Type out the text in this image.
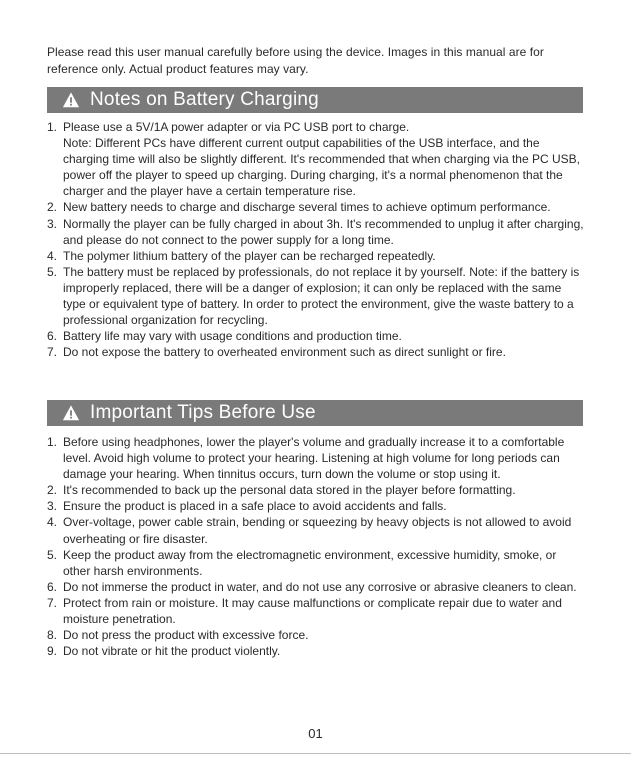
Please read this user manual carefully before using the device. Images in this manual are for reference only. Actual product features may vary.
Notes on Battery Charging
1. Please use a 5V/1A power adapter or via PC USB port to charge.
Note: Different PCs have different current output capabilities of the USB interface, and the charging time will also be slightly different. It's recommended that when charging via the PC USB, power off the player to speed up charging. During charging, it's a normal phenomenon that the charger and the player have a certain temperature rise.
2. New battery needs to charge and discharge several times to achieve optimum performance.
3. Normally the player can be fully charged in about 3h. It's recommended to unplug it after charging, and please do not connect to the power supply for a long time.
4. The polymer lithium battery of the player can be recharged repeatedly.
5. The battery must be replaced by professionals, do not replace it by yourself. Note: if the battery is improperly replaced, there will be a danger of explosion; it can only be replaced with the same type or equivalent type of battery. In order to protect the environment, give the waste battery to a professional organization for recycling.
6. Battery life may vary with usage conditions and production time.
7. Do not expose the battery to overheated environment such as direct sunlight or fire.
Important Tips Before Use
1. Before using headphones, lower the player's volume and gradually increase it to a comfortable level. Avoid high volume to protect your hearing. Listening at high volume for long periods can damage your hearing. When tinnitus occurs, turn down the volume or stop using it.
2. It's recommended to back up the personal data stored in the player before formatting.
3. Ensure the product is placed in a safe place to avoid accidents and falls.
4. Over-voltage, power cable strain, bending or squeezing by heavy objects is not allowed to avoid overheating or fire disaster.
5. Keep the product away from the electromagnetic environment, excessive humidity, smoke, or other harsh environments.
6. Do not immerse the product in water, and do not use any corrosive or abrasive cleaners to clean.
7. Protect from rain or moisture. It may cause malfunctions or complicate repair due to water and moisture penetration.
8. Do not press the product with excessive force.
9. Do not vibrate or hit the product violently.
01
